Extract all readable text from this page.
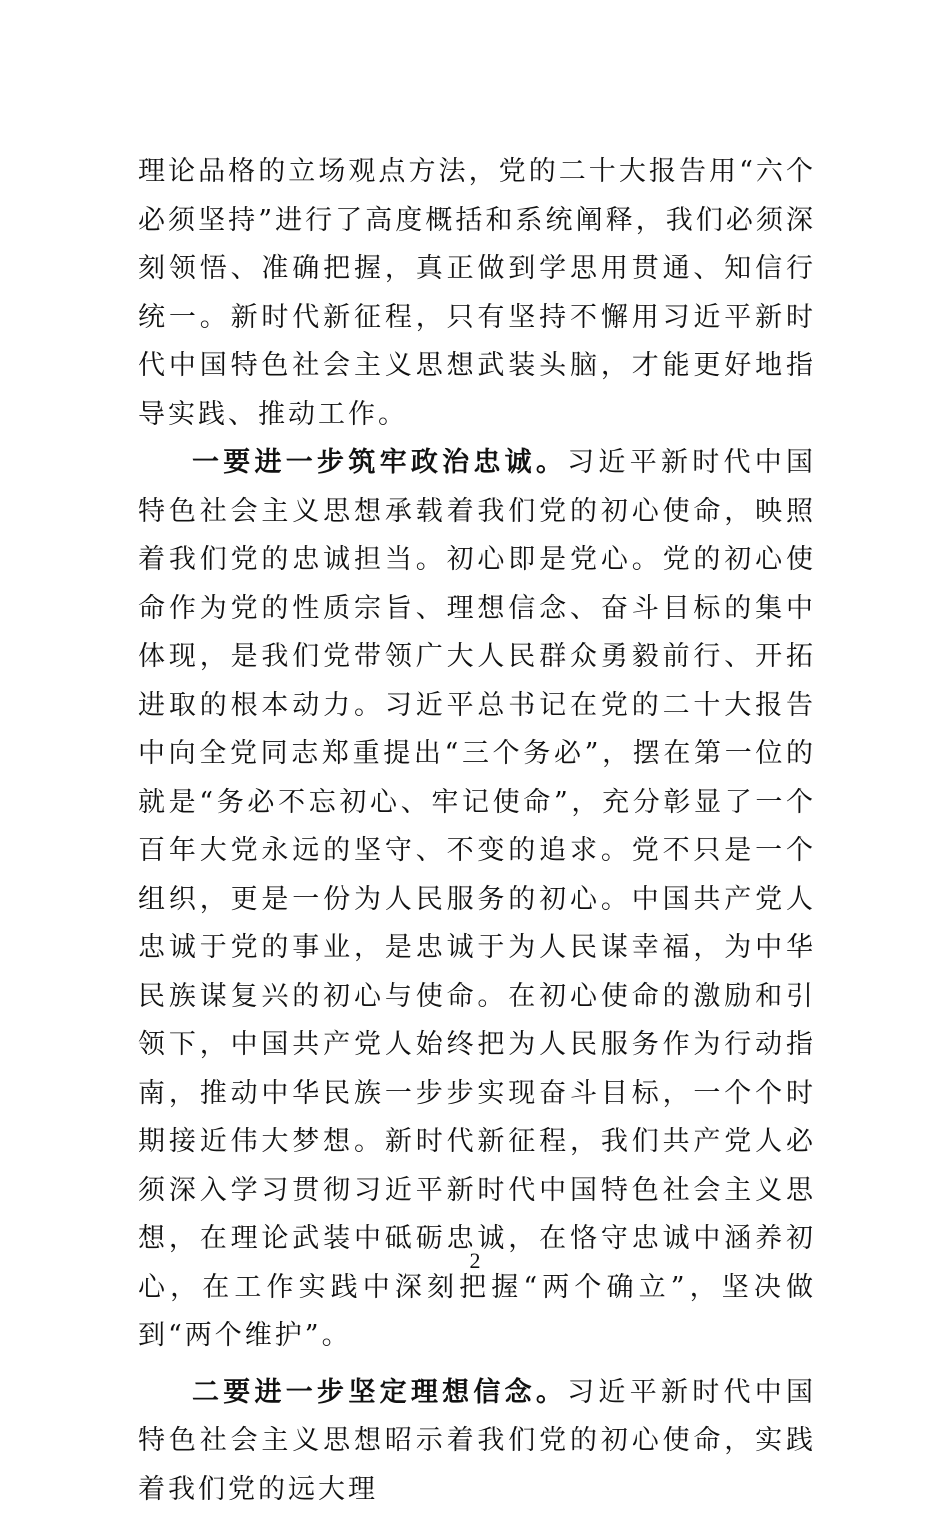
理论品格的立场观点方法，党的二十大报告用“六个必须坚持”进行了高度概括和系统阐释，我们必须深刻领悟、准确把握，真正做到学思用贯通、知信行统一。新时代新征程，只有坚持不懈用习近平新时代中国特色社会主义思想武装头脑，才能更好地指导实践、推动工作。

一要进一步筑牢政治忠诚。习近平新时代中国特色社会主义思想承载着我们党的初心使命，映照着我们党的忠诚担当。初心即是党心。党的初心使命作为党的性质宗旨、理想信念、奋斗目标的集中体现，是我们党带领广大人民群众勇毅前行、开拓进取的根本动力。习近平总书记在党的二十大报告中向全党同志郑重提出“三个务必”，摆在第一位的就是“务必不忘初心、牢记使命”，充分彰显了一个百年大党永远的坚守、不变的追求。党不只是一个组织，更是一份为人民服务的初心。中国共产党人忠诚于党的事业，是忠诚于为人民谋幸福，为中华民族谋复兴的初心与使命。在初心使命的激励和引领下，中国共产党人始终把为人民服务作为行动指南，推动中华民族一步步实现奋斗目标，一个个时期接近伟大梦想。新时代新征程，我们共产党人必须深入学习贯彻习近平新时代中国特色社会主义思想，在理论武装中砥砺忠诚，在恪守忠诚中涵养初心，在工作实践中深刻把握“两个确立”，坚决做到“两个维护”。

二要进一步坚定理想信念。习近平新时代中国特色社会主义思想昭示着我们党的初心使命，实践着我们党的远大理

2
